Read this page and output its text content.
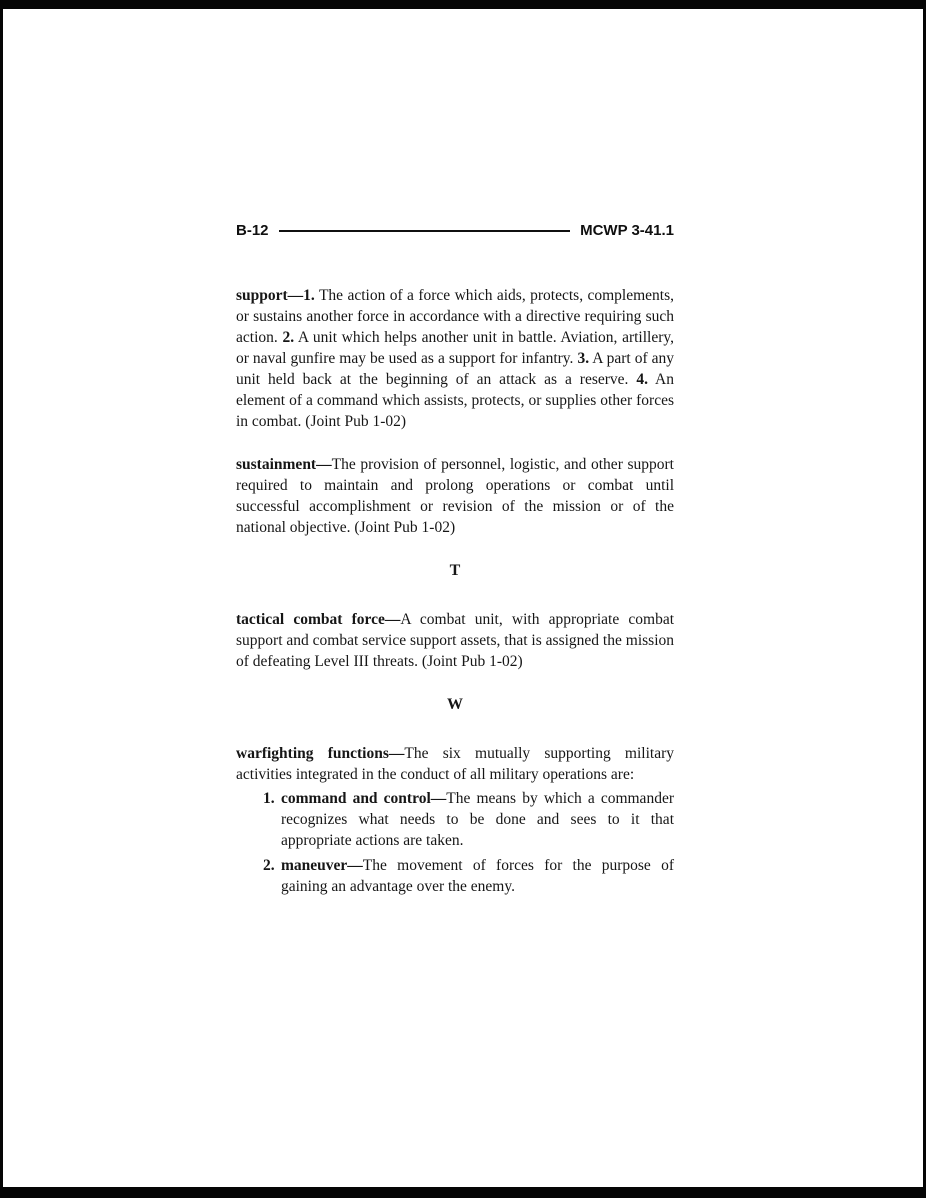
B-12	MCWP 3-41.1

support—1. The action of a force which aids, protects, complements, or sustains another force in accordance with a directive requiring such action. 2. A unit which helps another unit in battle. Aviation, artillery, or naval gunfire may be used as a support for infantry. 3. A part of any unit held back at the beginning of an attack as a reserve. 4. An element of a command which assists, protects, or supplies other forces in combat. (Joint Pub 1-02)

sustainment—The provision of personnel, logistic, and other support required to maintain and prolong operations or combat until successful accomplishment or revision of the mission or of the national objective. (Joint Pub 1-02)

T

tactical combat force—A combat unit, with appropriate combat support and combat service support assets, that is assigned the mission of defeating Level III threats. (Joint Pub 1-02)

W

warfighting functions—The six mutually supporting military activities integrated in the conduct of all military operations are:

1. command and control—The means by which a commander recognizes what needs to be done and sees to it that appropriate actions are taken.
2. maneuver—The movement of forces for the purpose of gaining an advantage over the enemy.
